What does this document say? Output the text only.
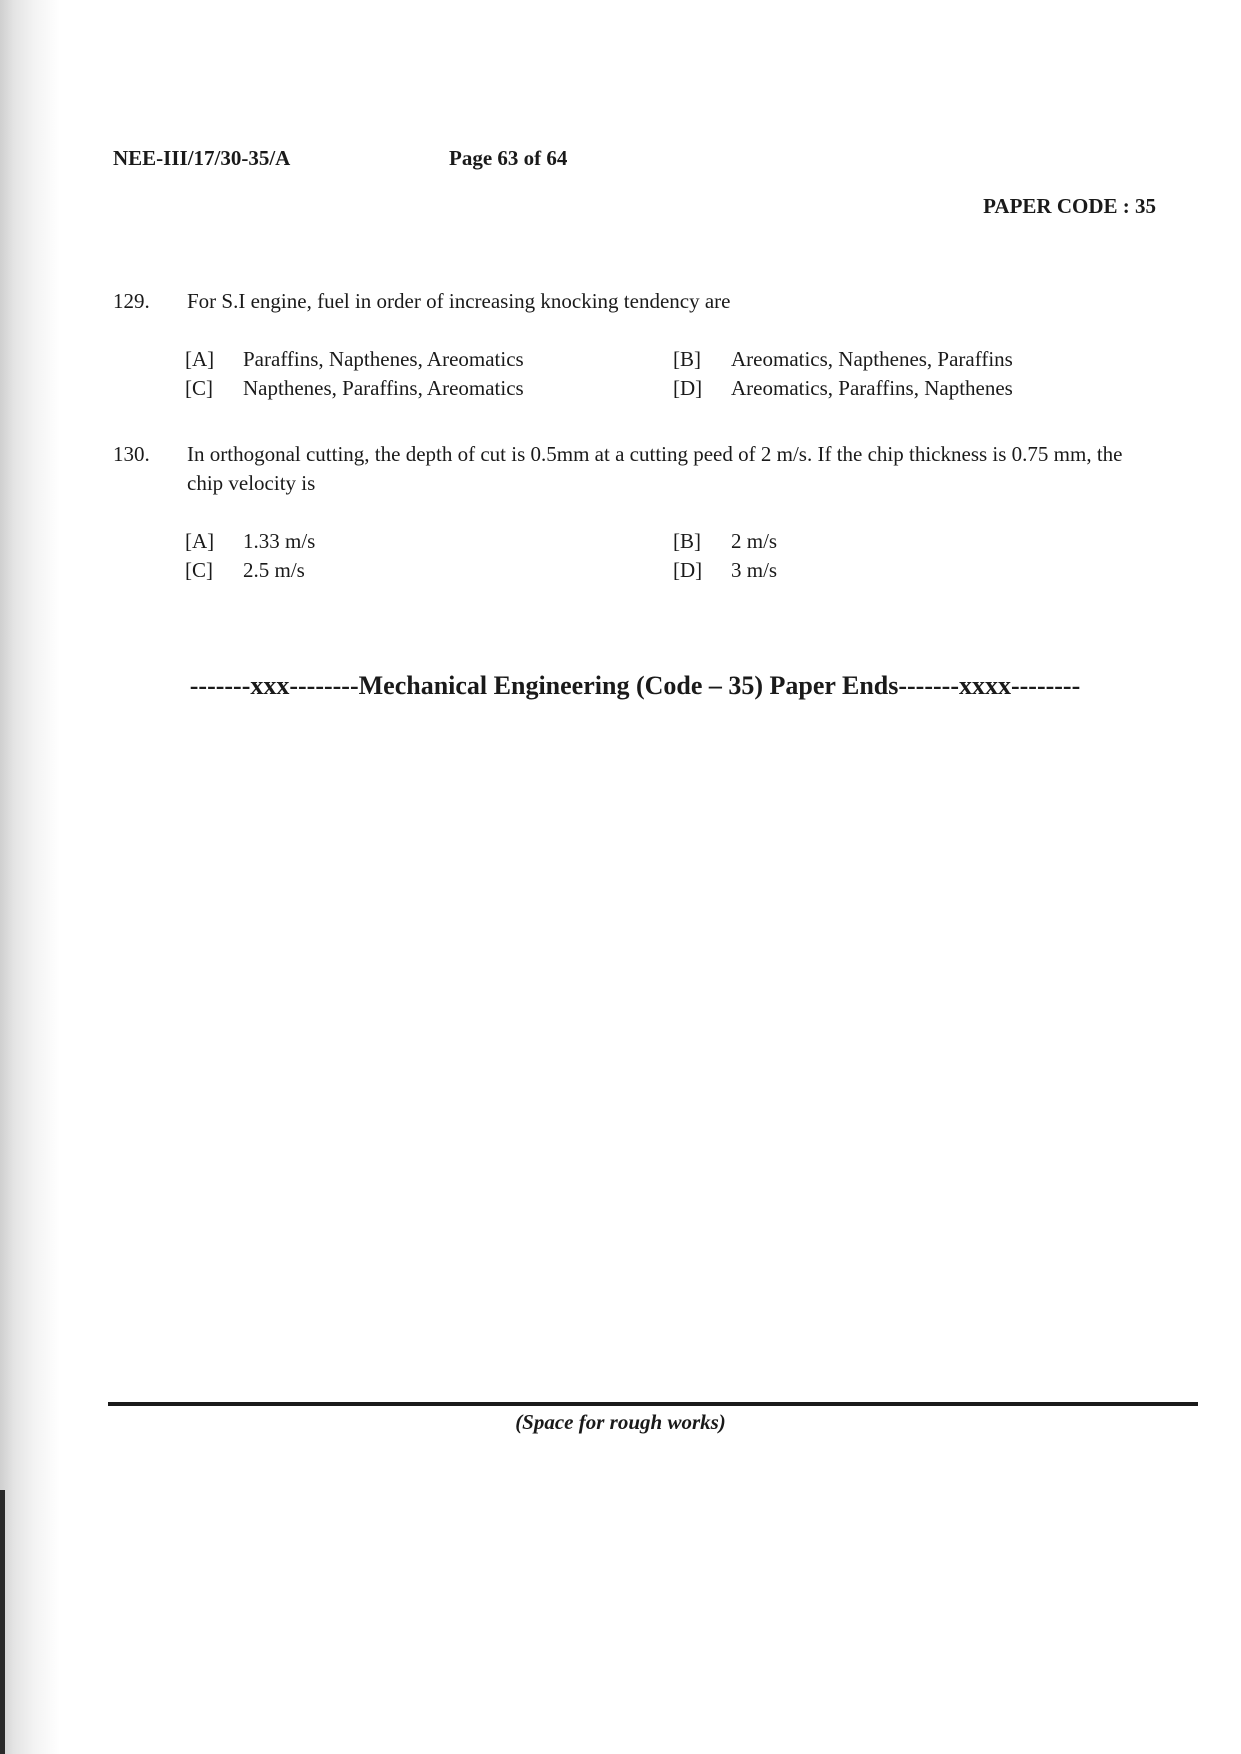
NEE-III/17/30-35/A	Page 63 of 64
PAPER CODE : 35
129. For S.I engine, fuel in order of increasing knocking tendency are
[A] Paraffins, Napthenes, Areomatics	[B] Areomatics, Napthenes, Paraffins
[C] Napthenes, Paraffins, Areomatics	[D] Areomatics, Paraffins, Napthenes
130. In orthogonal cutting, the depth of cut is 0.5mm at a cutting peed of 2 m/s. If the chip thickness is 0.75 mm, the chip velocity is
[A] 1.33 m/s	[B] 2 m/s
[C] 2.5 m/s	[D] 3 m/s
-------xxx--------Mechanical Engineering (Code – 35) Paper Ends-------xxxx--------
(Space for rough works)
